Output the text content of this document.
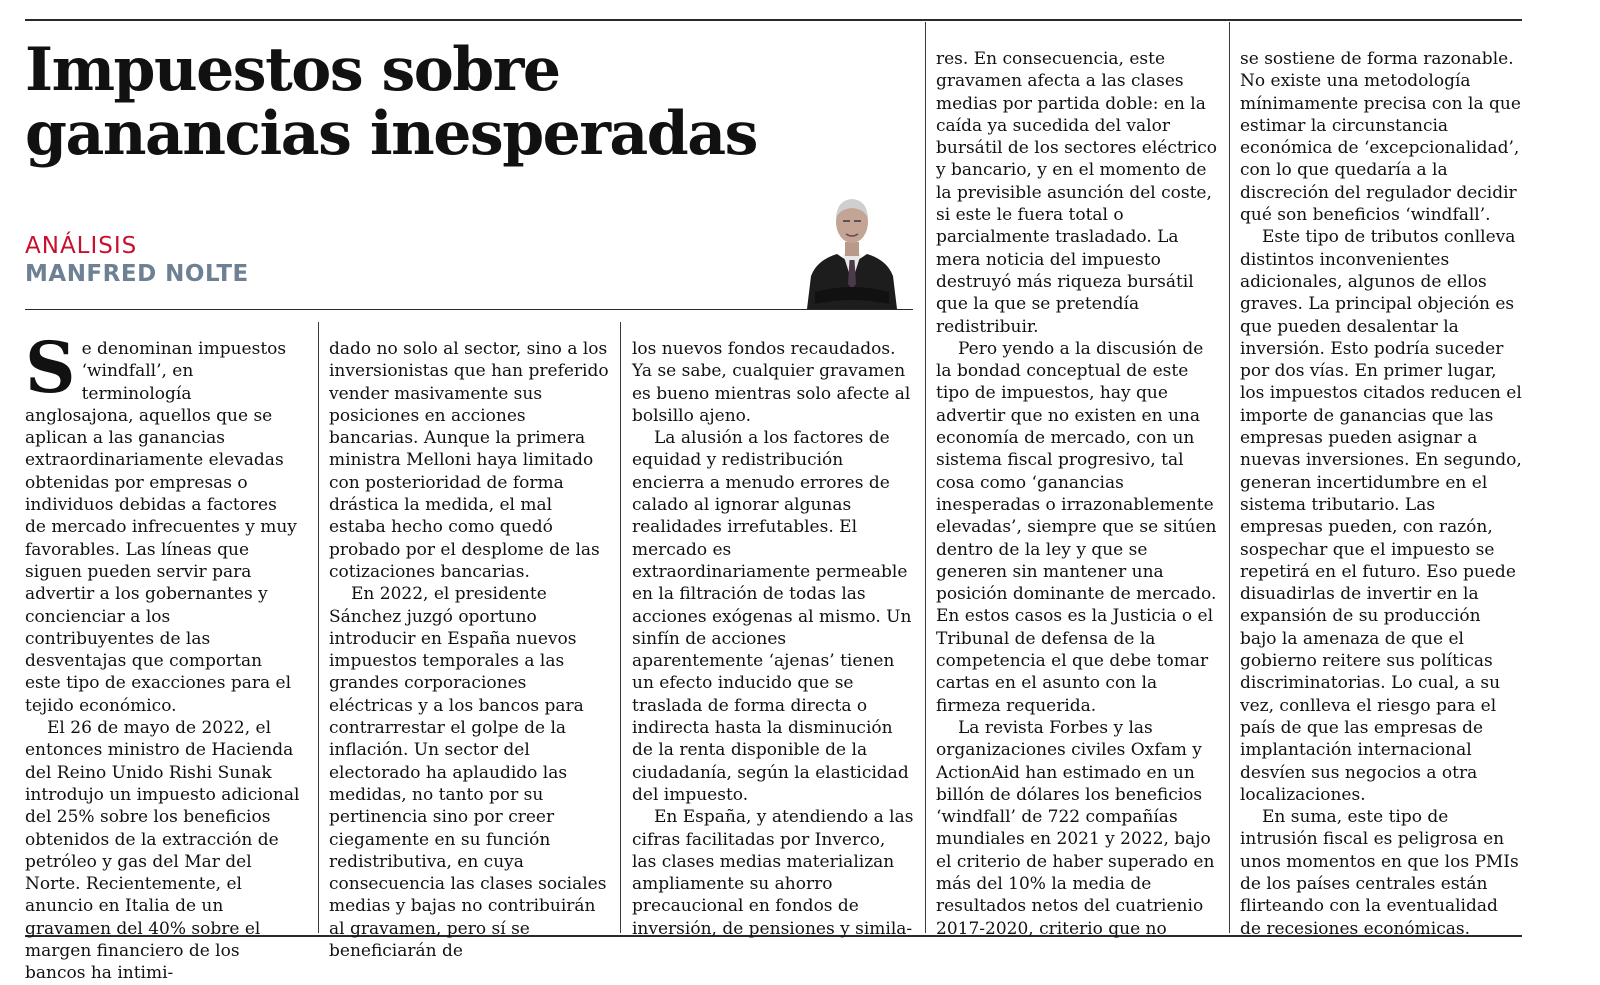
Impuestos sobre ganancias inesperadas
ANÁLISIS
MANFRED NOLTE
S e denominan impuestos ‘windfall’, en terminología anglosajona, aquellos que se aplican a las ganancias extraordinariamente elevadas obtenidas por empresas o individuos debidas a factores de mercado infrecuentes y muy favorables. Las líneas que siguen pueden servir para advertir a los gobernantes y concienciar a los contribuyentes de las desventajas que comportan este tipo de exacciones para el tejido económico.

El 26 de mayo de 2022, el entonces ministro de Hacienda del Reino Unido Rishi Sunak introdujo un impuesto adicional del 25% sobre los beneficios obtenidos de la extracción de petróleo y gas del Mar del Norte. Recientemente, el anuncio en Italia de un gravamen del 40% sobre el margen financiero de los bancos ha intimi-

dado no solo al sector, sino a los inversionistas que han preferido vender masivamente sus posiciones en acciones bancarias. Aunque la primera ministra Melloni haya limitado con posterioridad de forma drástica la medida, el mal estaba hecho como quedó probado por el desplome de las cotizaciones bancarias.

En 2022, el presidente Sánchez juzgó oportuno introducir en España nuevos impuestos temporales a las grandes corporaciones eléctricas y a los bancos para contrarrestar el golpe de la inflación. Un sector del electorado ha aplaudido las medidas, no tanto por su pertinencia sino por creer ciegamente en su función redistributiva, en cuya consecuencia las clases sociales medias y bajas no contribuirán al gravamen, pero sí se beneficiarán de

los nuevos fondos recaudados. Ya se sabe, cualquier gravamen es bueno mientras solo afecte al bolsillo ajeno.

La alusión a los factores de equidad y redistribución encierra a menudo errores de calado al ignorar algunas realidades irrefutables. El mercado es extraordinariamente permeable en la filtración de todas las acciones exógenas al mismo. Un sinfín de acciones aparentemente ‘ajenas’ tienen un efecto inducido que se traslada de forma directa o indirecta hasta la disminución de la renta disponible de la ciudadanía, según la elasticidad del impuesto.

En España, y atendiendo a las cifras facilitadas por Inverco, las clases medias materializan ampliamente su ahorro precaucional en fondos de inversión, de pensiones y simila-

res. En consecuencia, este gravamen afecta a las clases medias por partida doble: en la caída ya sucedida del valor bursátil de los sectores eléctrico y bancario, y en el momento de la previsible asunción del coste, si este le fuera total o parcialmente trasladado. La mera noticia del impuesto destruyó más riqueza bursátil que la que se pretendía redistribuir.

Pero yendo a la discusión de la bondad conceptual de este tipo de impuestos, hay que advertir que no existen en una economía de mercado, con un sistema fiscal progresivo, tal cosa como ‘ganancias inesperadas o irrazonablemente elevadas’, siempre que se sitúen dentro de la ley y que se generen sin mantener una posición dominante de mercado. En estos casos es la Justicia o el Tribunal de defensa de la competencia el que debe tomar cartas en el asunto con la firmeza requerida.

La revista Forbes y las organizaciones civiles Oxfam y ActionAid han estimado en un billón de dólares los beneficios ‘windfall’ de 722 compañías mundiales en 2021 y 2022, bajo el criterio de haber superado en más del 10% la media de resultados netos del cuatrienio 2017-2020, criterio que no

se sostiene de forma razonable. No existe una metodología mínimamente precisa con la que estimar la circunstancia económica de ‘excepcionalidad’, con lo que quedaría a la discreción del regulador decidir qué son beneficios ‘windfall’.

Este tipo de tributos conlleva distintos inconvenientes adicionales, algunos de ellos graves. La principal objeción es que pueden desalentar la inversión. Esto podría suceder por dos vías. En primer lugar, los impuestos citados reducen el importe de ganancias que las empresas pueden asignar a nuevas inversiones. En segundo, generan incertidumbre en el sistema tributario. Las empresas pueden, con razón, sospechar que el impuesto se repetirá en el futuro. Eso puede disuadirlas de invertir en la expansión de su producción bajo la amenaza de que el gobierno reitere sus políticas discriminatorias. Lo cual, a su vez, conlleva el riesgo para el país de que las empresas de implantación internacional desvíen sus negocios a otra localizaciones.

En suma, este tipo de intrusión fiscal es peligrosa en unos momentos en que los PMIs de los países centrales están flirteando con la eventualidad de recesiones económicas.
